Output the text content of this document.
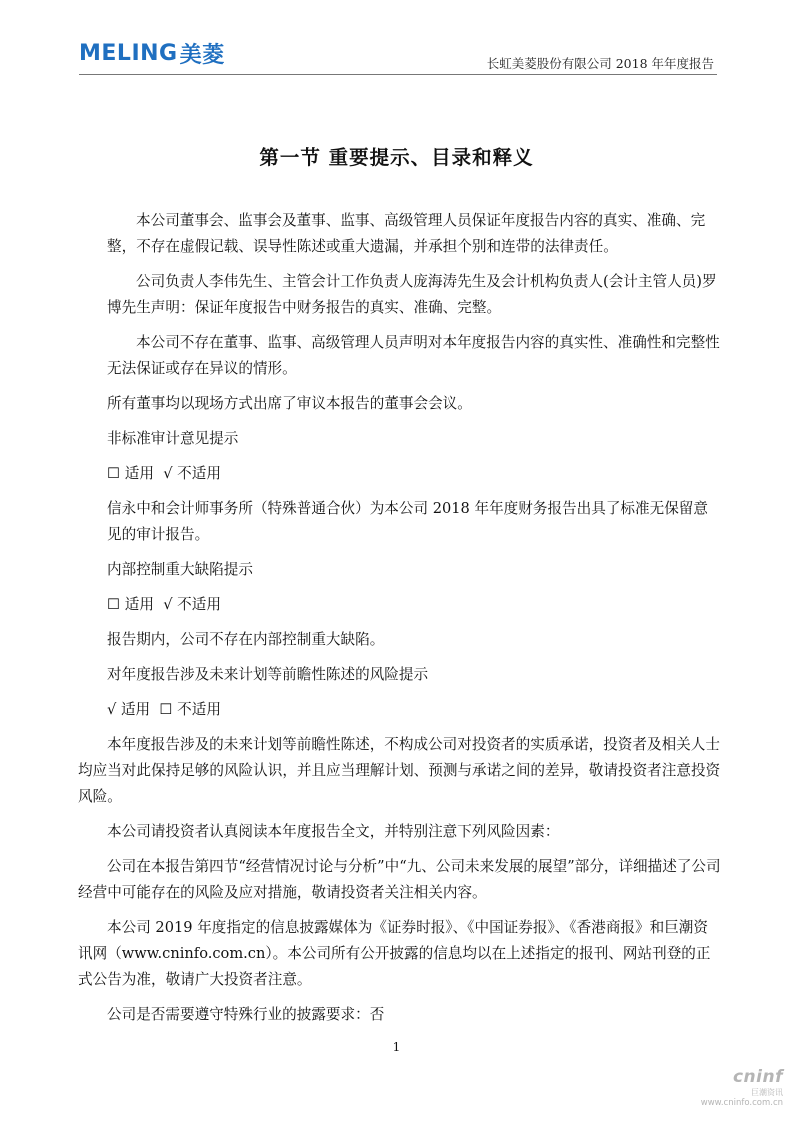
MELING 美菱	长虹美菱股份有限公司 2018 年年度报告
第一节 重要提示、目录和释义

本公司董事会、监事会及董事、监事、高级管理人员保证年度报告内容的真实、准确、完整，不存在虚假记载、误导性陈述或重大遗漏，并承担个别和连带的法律责任。

公司负责人李伟先生、主管会计工作负责人庞海涛先生及会计机构负责人(会计主管人员)罗博先生声明：保证年度报告中财务报告的真实、准确、完整。

本公司不存在董事、监事、高级管理人员声明对本年度报告内容的真实性、准确性和完整性无法保证或存在异议的情形。

所有董事均以现场方式出席了审议本报告的董事会会议。

非标准审计意见提示

☐ 适用  √ 不适用

信永中和会计师事务所（特殊普通合伙）为本公司 2018 年年度财务报告出具了标准无保留意见的审计报告。

内部控制重大缺陷提示

☐ 适用  √ 不适用

报告期内，公司不存在内部控制重大缺陷。

对年度报告涉及未来计划等前瞻性陈述的风险提示

√ 适用  ☐ 不适用

本年度报告涉及的未来计划等前瞻性陈述，不构成公司对投资者的实质承诺，投资者及相关人士均应当对此保持足够的风险认识，并且应当理解计划、预测与承诺之间的差异，敬请投资者注意投资风险。

本公司请投资者认真阅读本年度报告全文，并特别注意下列风险因素：

公司在本报告第四节“经营情况讨论与分析”中“九、公司未来发展的展望”部分，详细描述了公司经营中可能存在的风险及应对措施，敬请投资者关注相关内容。

本公司 2019 年度指定的信息披露媒体为《证券时报》、《中国证券报》、《香港商报》和巨潮资讯网（www.cninfo.com.cn）。本公司所有公开披露的信息均以在上述指定的报刊、网站刊登的正式公告为准，敬请广大投资者注意。

公司是否需要遵守特殊行业的披露要求：否

1
cninf
巨潮资讯
www.cninfo.com.cn
